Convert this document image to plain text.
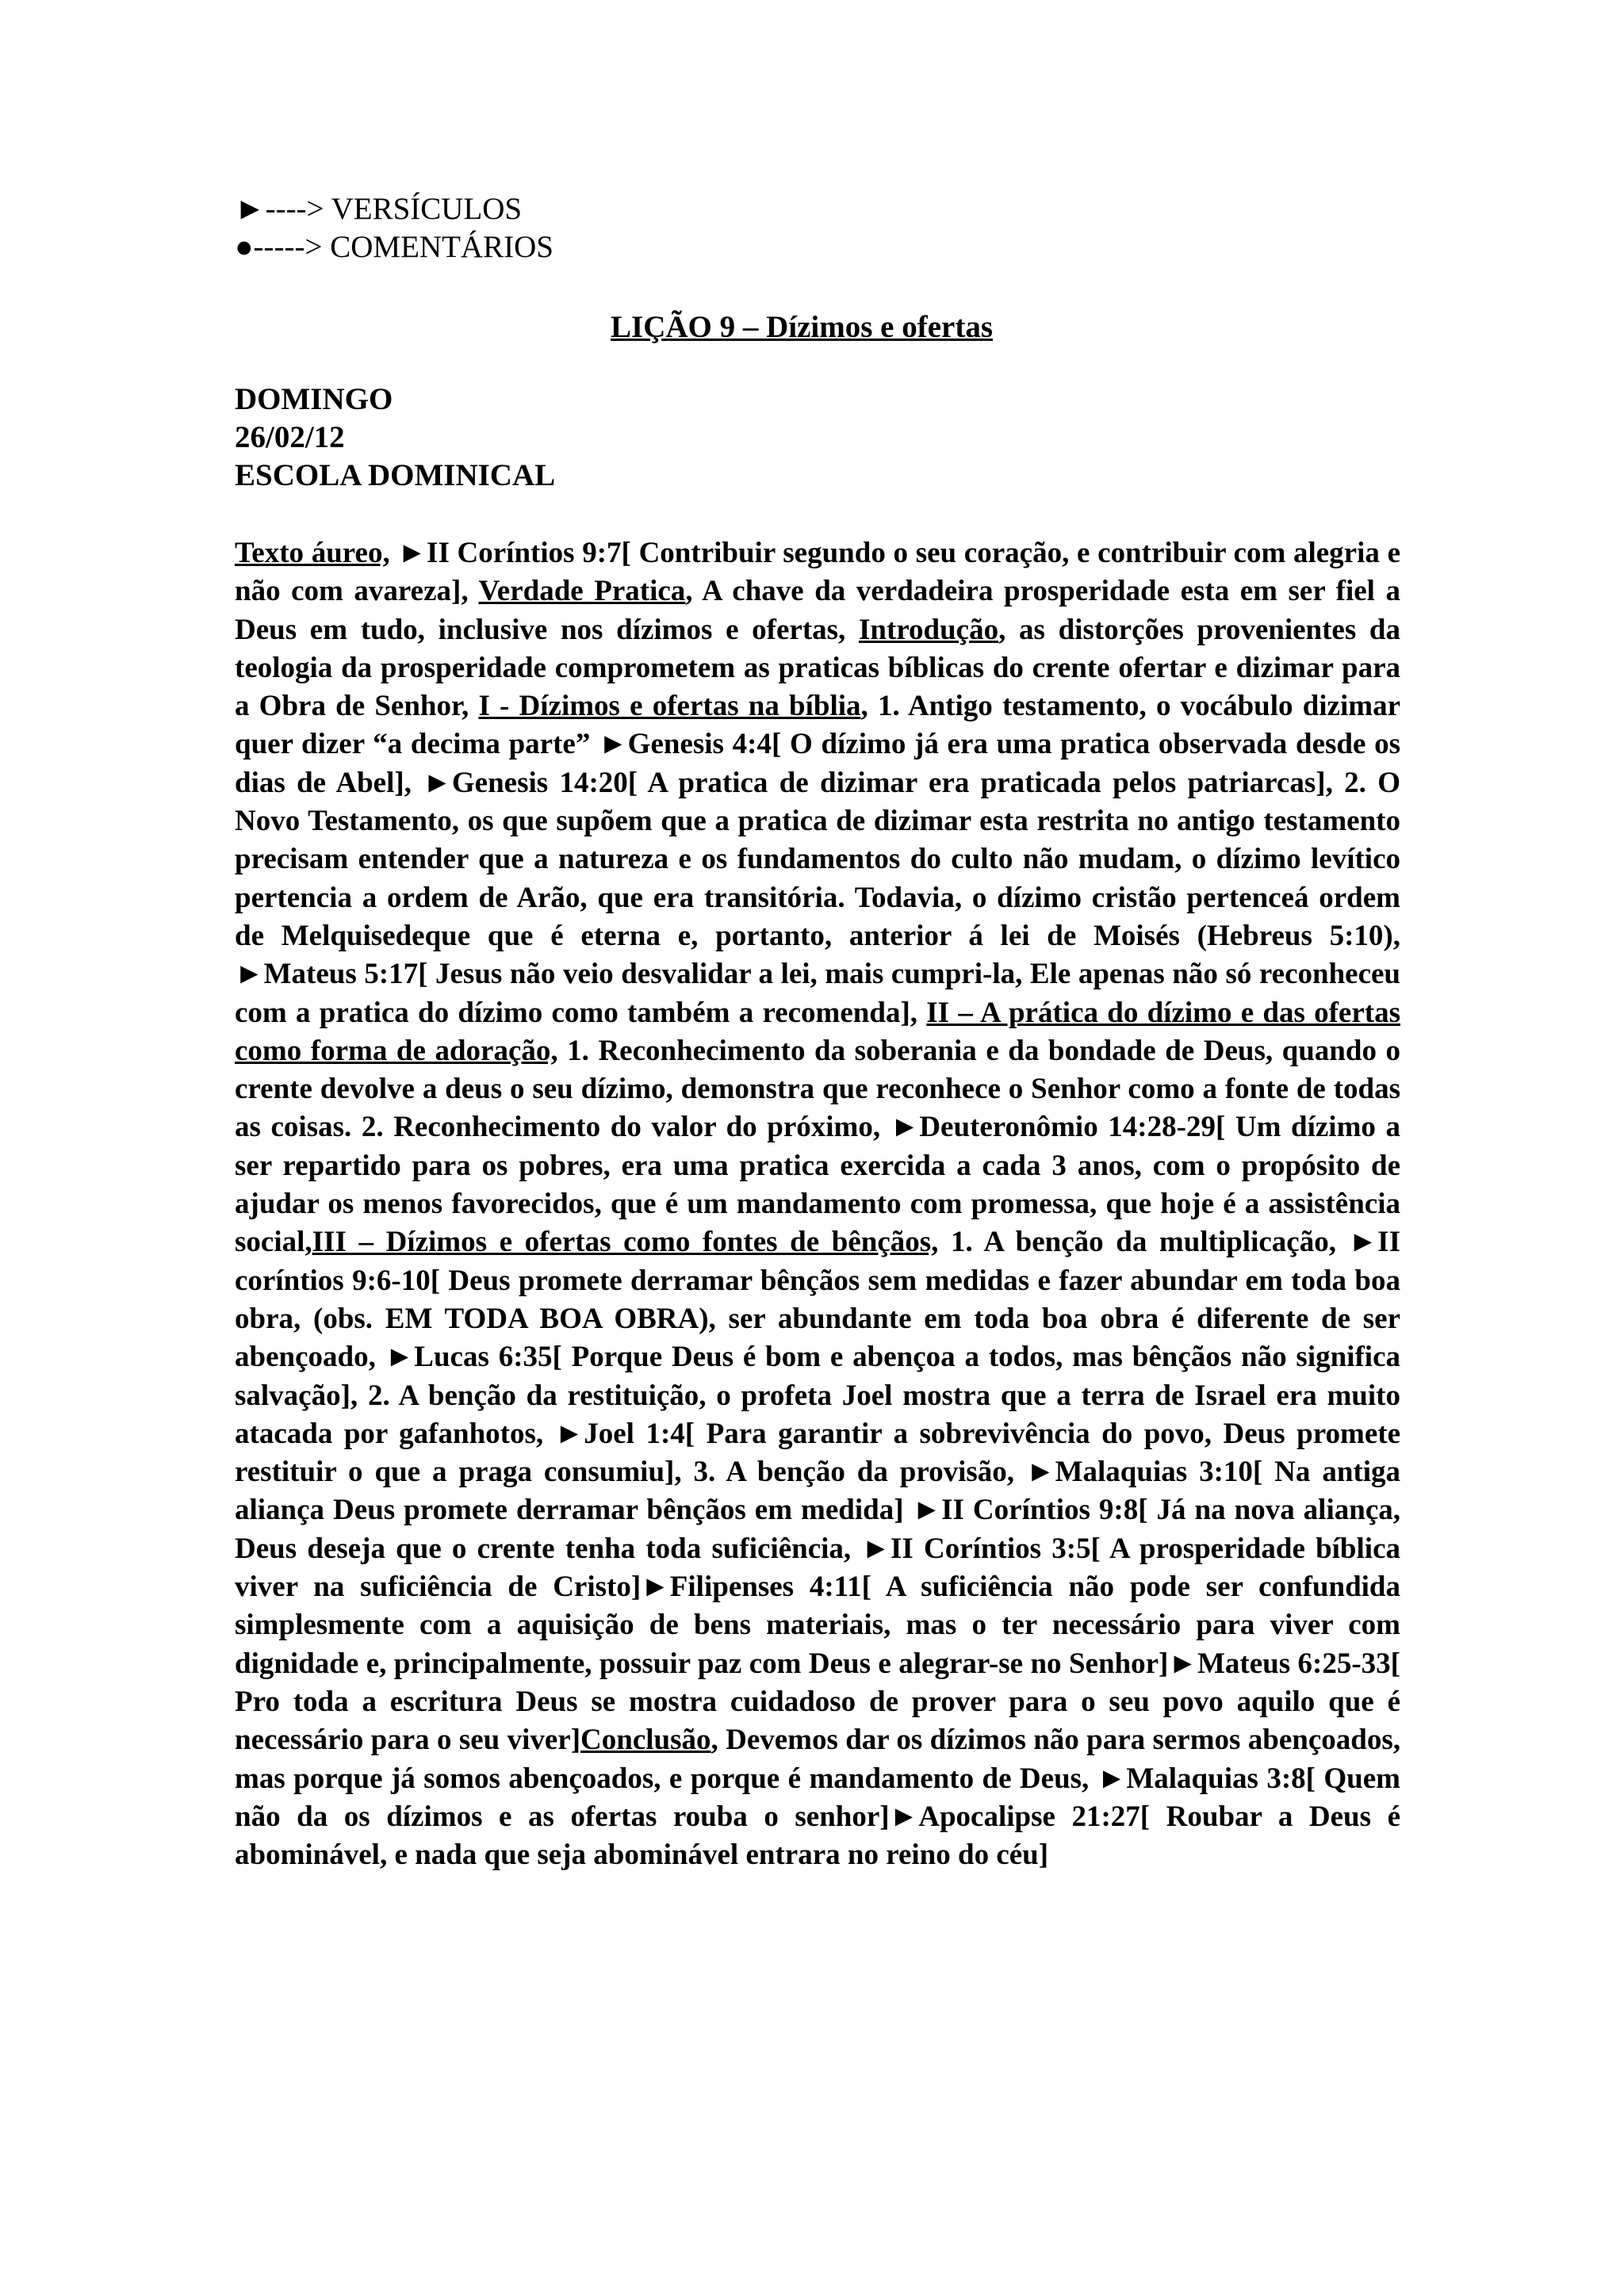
►----> VERSÍCULOS
●-----> COMENTÁRIOS
LIÇÃO 9 – Dízimos e ofertas
DOMINGO
26/02/12
ESCOLA DOMINICAL
Texto áureo, ►II Coríntios 9:7[ Contribuir segundo o seu coração, e contribuir com alegria e não com avareza], Verdade Pratica, A chave da verdadeira prosperidade esta em ser fiel a Deus em tudo, inclusive nos dízimos e ofertas, Introdução, as distorções provenientes da teologia da prosperidade comprometem as praticas bíblicas do crente ofertar e dizimar para a Obra de Senhor, I - Dízimos e ofertas na bíblia, 1. Antigo testamento, o vocábulo dizimar quer dizer “a decima parte” ►Genesis 4:4[ O dízimo já era uma pratica observada desde os dias de Abel], ►Genesis 14:20[ A pratica de dizimar era praticada pelos patriarcas], 2. O Novo Testamento, os que supõem que a pratica de dizimar esta restrita no antigo testamento precisam entender que a natureza e os fundamentos do culto não mudam, o dízimo levítico pertencia a ordem de Arão, que era transitória. Todavia, o dízimo cristão pertenceá ordem de Melquisedeque que é eterna e, portanto, anterior á lei de Moisés (Hebreus 5:10), ►Mateus 5:17[ Jesus não veio desvalidar a lei, mais cumpri-la, Ele apenas não só reconheceu com a pratica do dízimo como também a recomenda], II – A prática do dízimo e das ofertas como forma de adoração, 1. Reconhecimento da soberania e da bondade de Deus, quando o crente devolve a deus o seu dízimo, demonstra que reconhece o Senhor como a fonte de todas as coisas. 2. Reconhecimento do valor do próximo, ►Deuteronômio 14:28-29[ Um dízimo a ser repartido para os pobres, era uma pratica exercida a cada 3 anos, com o propósito de ajudar os menos favorecidos, que é um mandamento com promessa, que hoje é a assistência social,III – Dízimos e ofertas como fontes de bênçãos, 1. A benção da multiplicação, ►II coríntios 9:6-10[ Deus promete derramar bênçãos sem medidas e fazer abundar em toda boa obra, (obs. EM TODA BOA OBRA), ser abundante em toda boa obra é diferente de ser abençoado, ►Lucas 6:35[ Porque Deus é bom e abençoa a todos, mas bênçãos não significa salvação], 2. A benção da restituição, o profeta Joel mostra que a terra de Israel era muito atacada por gafanhotos, ►Joel 1:4[ Para garantir a sobrevivência do povo, Deus promete restituir o que a praga consumiu], 3. A benção da provisão, ►Malaquias 3:10[ Na antiga aliança Deus promete derramar bênçãos em medida] ►II Coríntios 9:8[ Já na nova aliança, Deus deseja que o crente tenha toda suficiência, ►II Coríntios 3:5[ A prosperidade bíblica viver na suficiência de Cristo]►Filipenses 4:11[ A suficiência não pode ser confundida simplesmente com a aquisição de bens materiais, mas o ter necessário para viver com dignidade e, principalmente, possuir paz com Deus e alegrar-se no Senhor]►Mateus 6:25-33[ Pro toda a escritura Deus se mostra cuidadoso de prover para o seu povo aquilo que é necessário para o seu viver]Conclusão, Devemos dar os dízimos não para sermos abençoados, mas porque já somos abençoados, e porque é mandamento de Deus, ►Malaquias 3:8[ Quem não da os dízimos e as ofertas rouba o senhor]►Apocalipse 21:27[ Roubar a Deus é abominável, e nada que seja abominável entrara no reino do céu]
